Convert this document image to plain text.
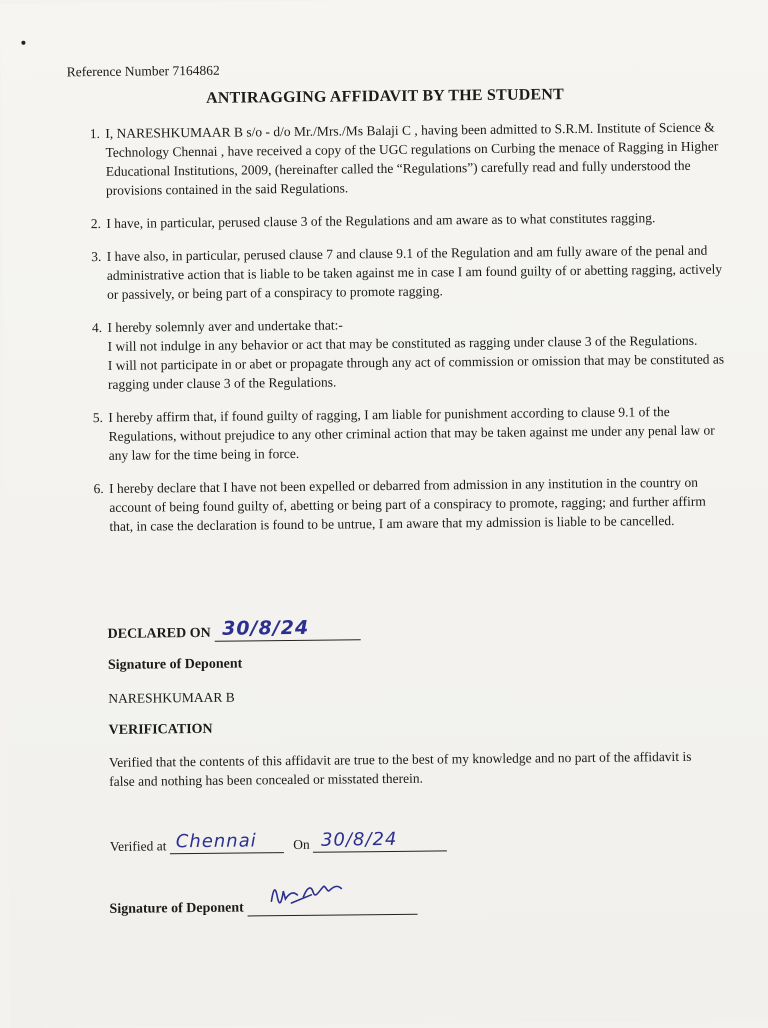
Reference Number 7164862
ANTIRAGGING AFFIDAVIT BY THE STUDENT

1. I, NARESHKUMAAR B s/o - d/o Mr./Mrs./Ms Balaji C , having been admitted to S.R.M. Institute of Science & Technology Chennai , have received a copy of the UGC regulations on Curbing the menace of Ragging in Higher Educational Institutions, 2009, (hereinafter called the “Regulations”) carefully read and fully understood the provisions contained in the said Regulations.

2. I have, in particular, perused clause 3 of the Regulations and am aware as to what constitutes ragging.

3. I have also, in particular, perused clause 7 and clause 9.1 of the Regulation and am fully aware of the penal and administrative action that is liable to be taken against me in case I am found guilty of or abetting ragging, actively or passively, or being part of a conspiracy to promote ragging.

4. I hereby solemnly aver and undertake that:-

I will not indulge in any behavior or act that may be constituted as ragging under clause 3 of the Regulations.

I will not participate in or abet or propagate through any act of commission or omission that may be constituted as ragging under clause 3 of the Regulations.

5. I hereby affirm that, if found guilty of ragging, I am liable for punishment according to clause 9.1 of the Regulations, without prejudice to any other criminal action that may be taken against me under any penal law or any law for the time being in force.

6. I hereby declare that I have not been expelled or debarred from admission in any institution in the country on account of being found guilty of, abetting or being part of a conspiracy to promote, ragging; and further affirm that, in case the declaration is found to be untrue, I am aware that my admission is liable to be cancelled.

DECLARED ON 30/8/24
Signature of Deponent
NARESHKUMAAR B
VERIFICATION
Verified that the contents of this affidavit are true to the best of my knowledge and no part of the affidavit is false and nothing has been concealed or misstated therein.
Verified at Chennai	On 30/8/24
Signature of Deponent
